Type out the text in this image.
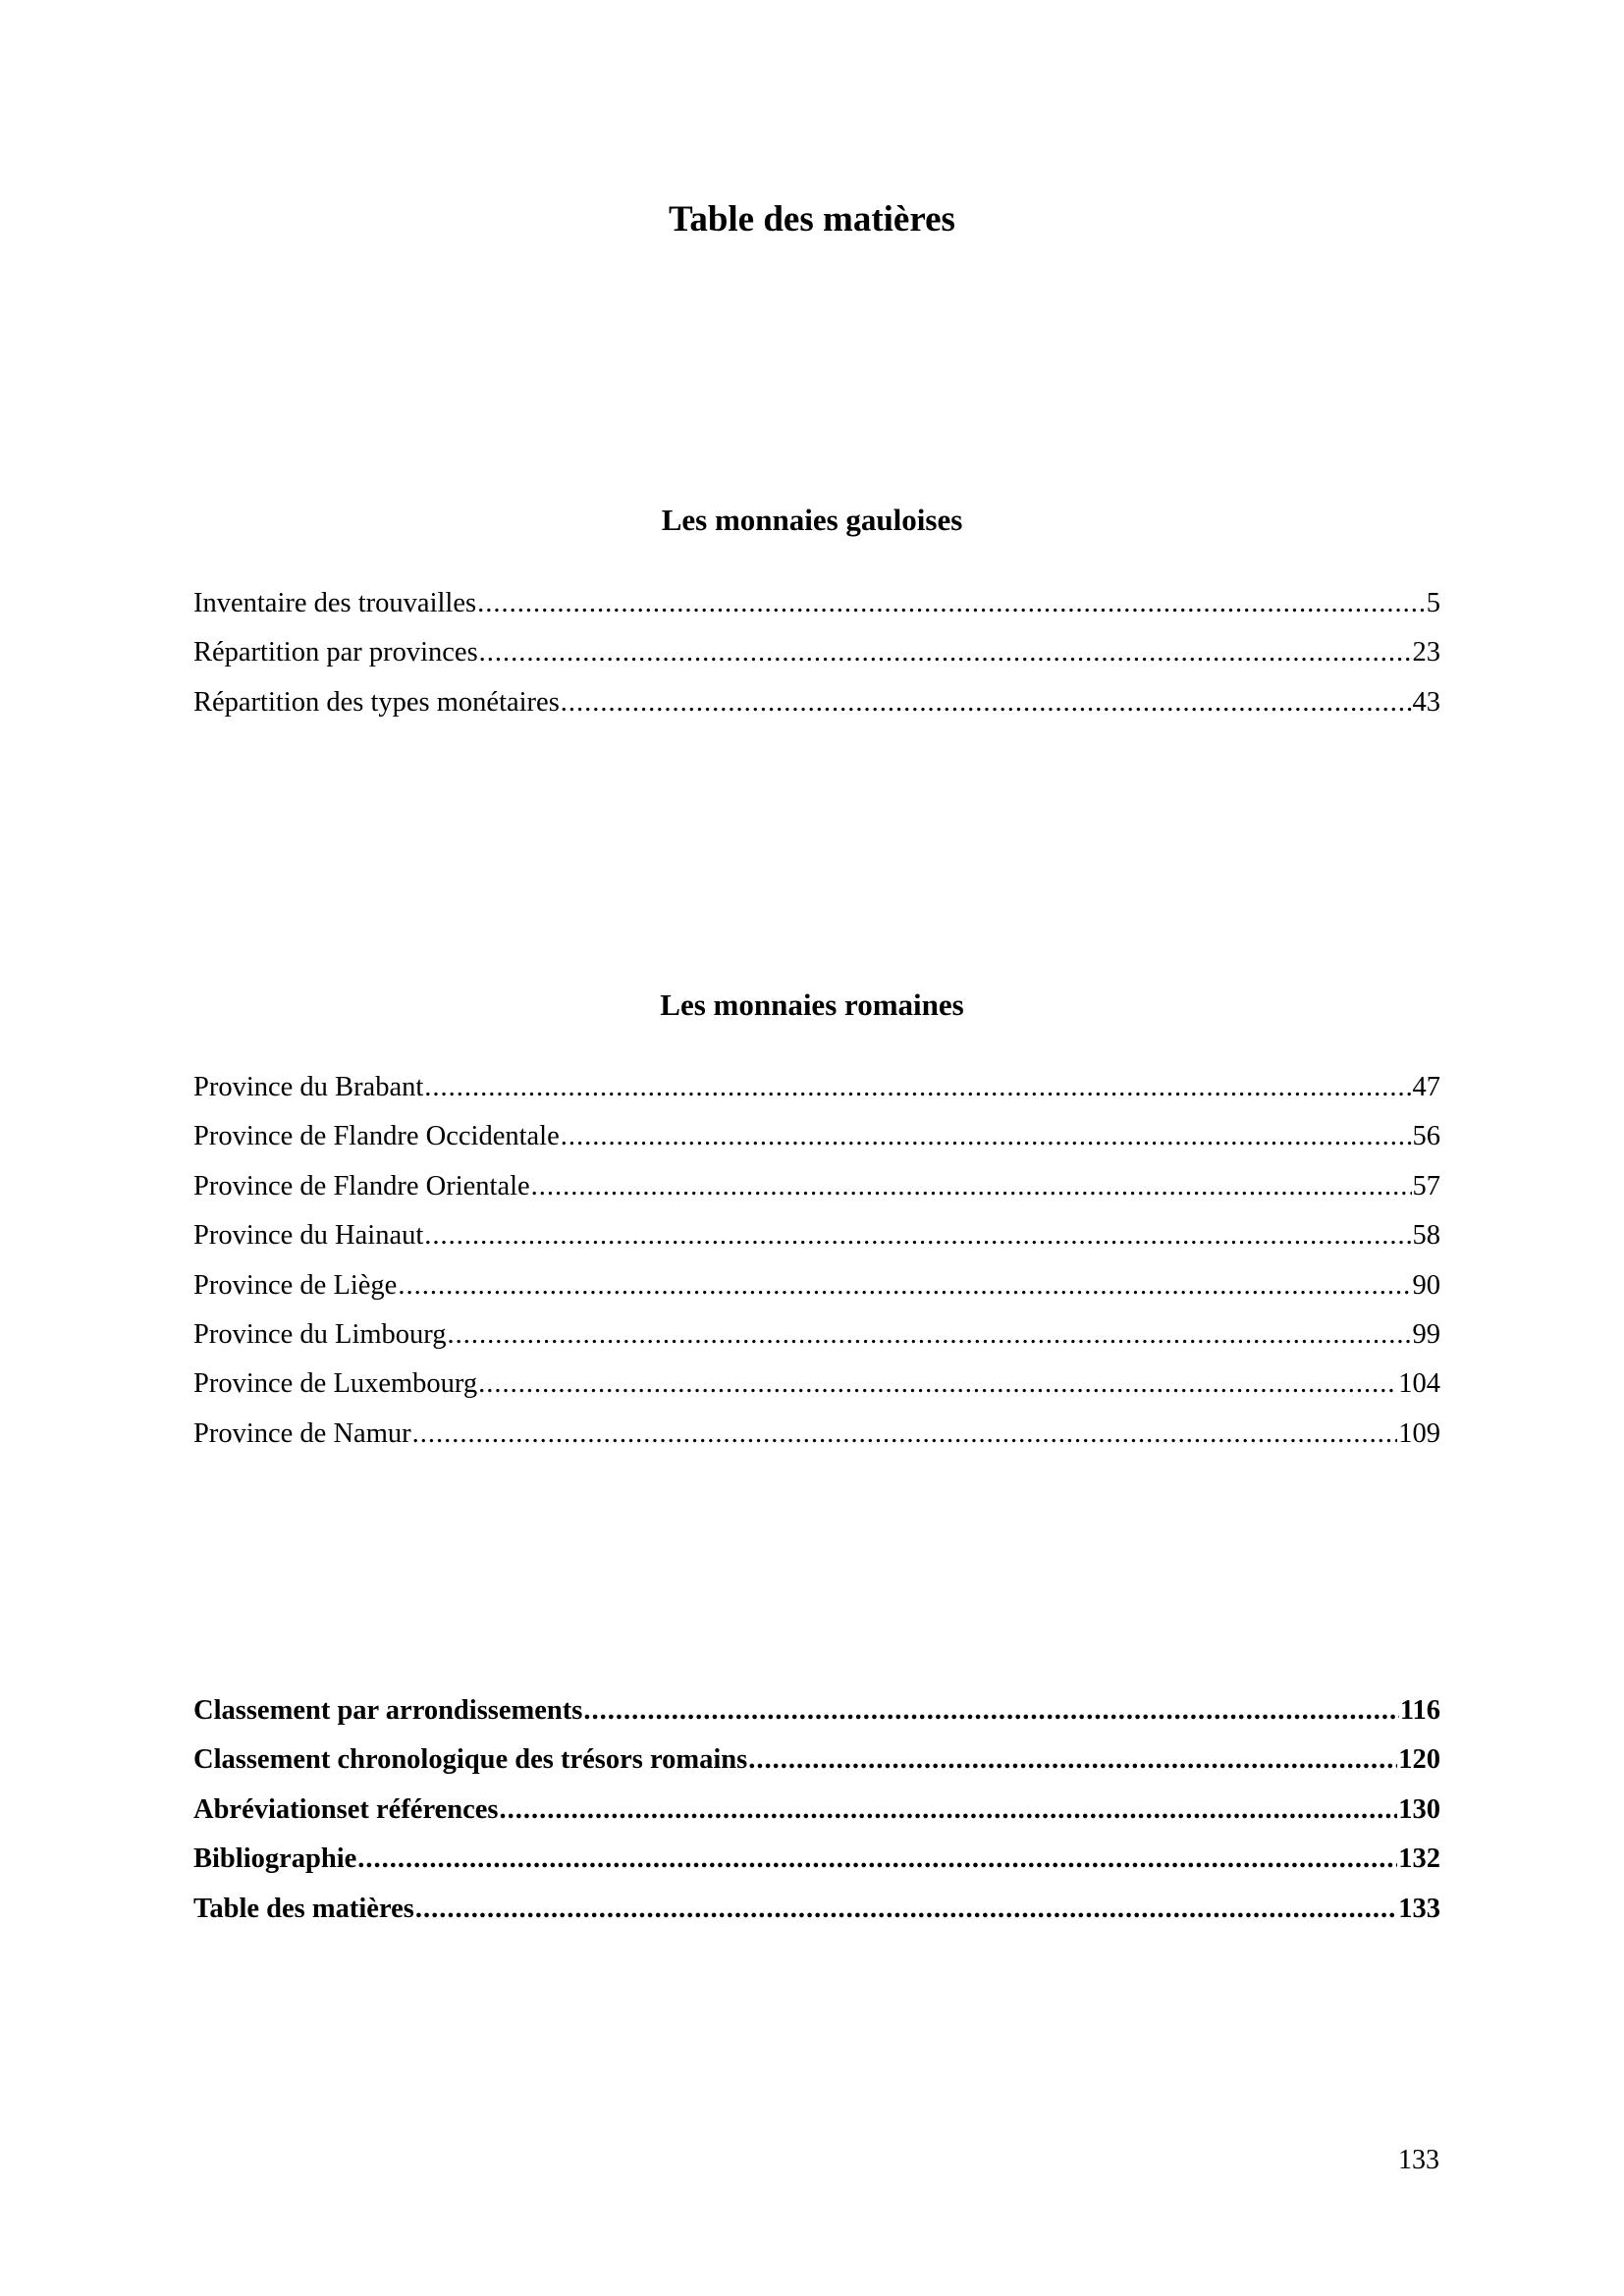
Table des matières
Les monnaies gauloises
Inventaire des trouvailles .....	5
Répartition par provinces .....	23
Répartition des types monétaires .....	43
Les monnaies romaines
Province du Brabant .....	47
Province de Flandre Occidentale .....	56
Province de Flandre Orientale .....	57
Province du Hainaut .....	58
Province de Liège .....	90
Province du Limbourg .....	99
Province de Luxembourg .....	104
Province de Namur .....	109
Classement par arrondissements .....	116
Classement chronologique des trésors romains .....	120
Abréviationset références .....	130
Bibliographie .....	132
Table des matières .....	133
133
